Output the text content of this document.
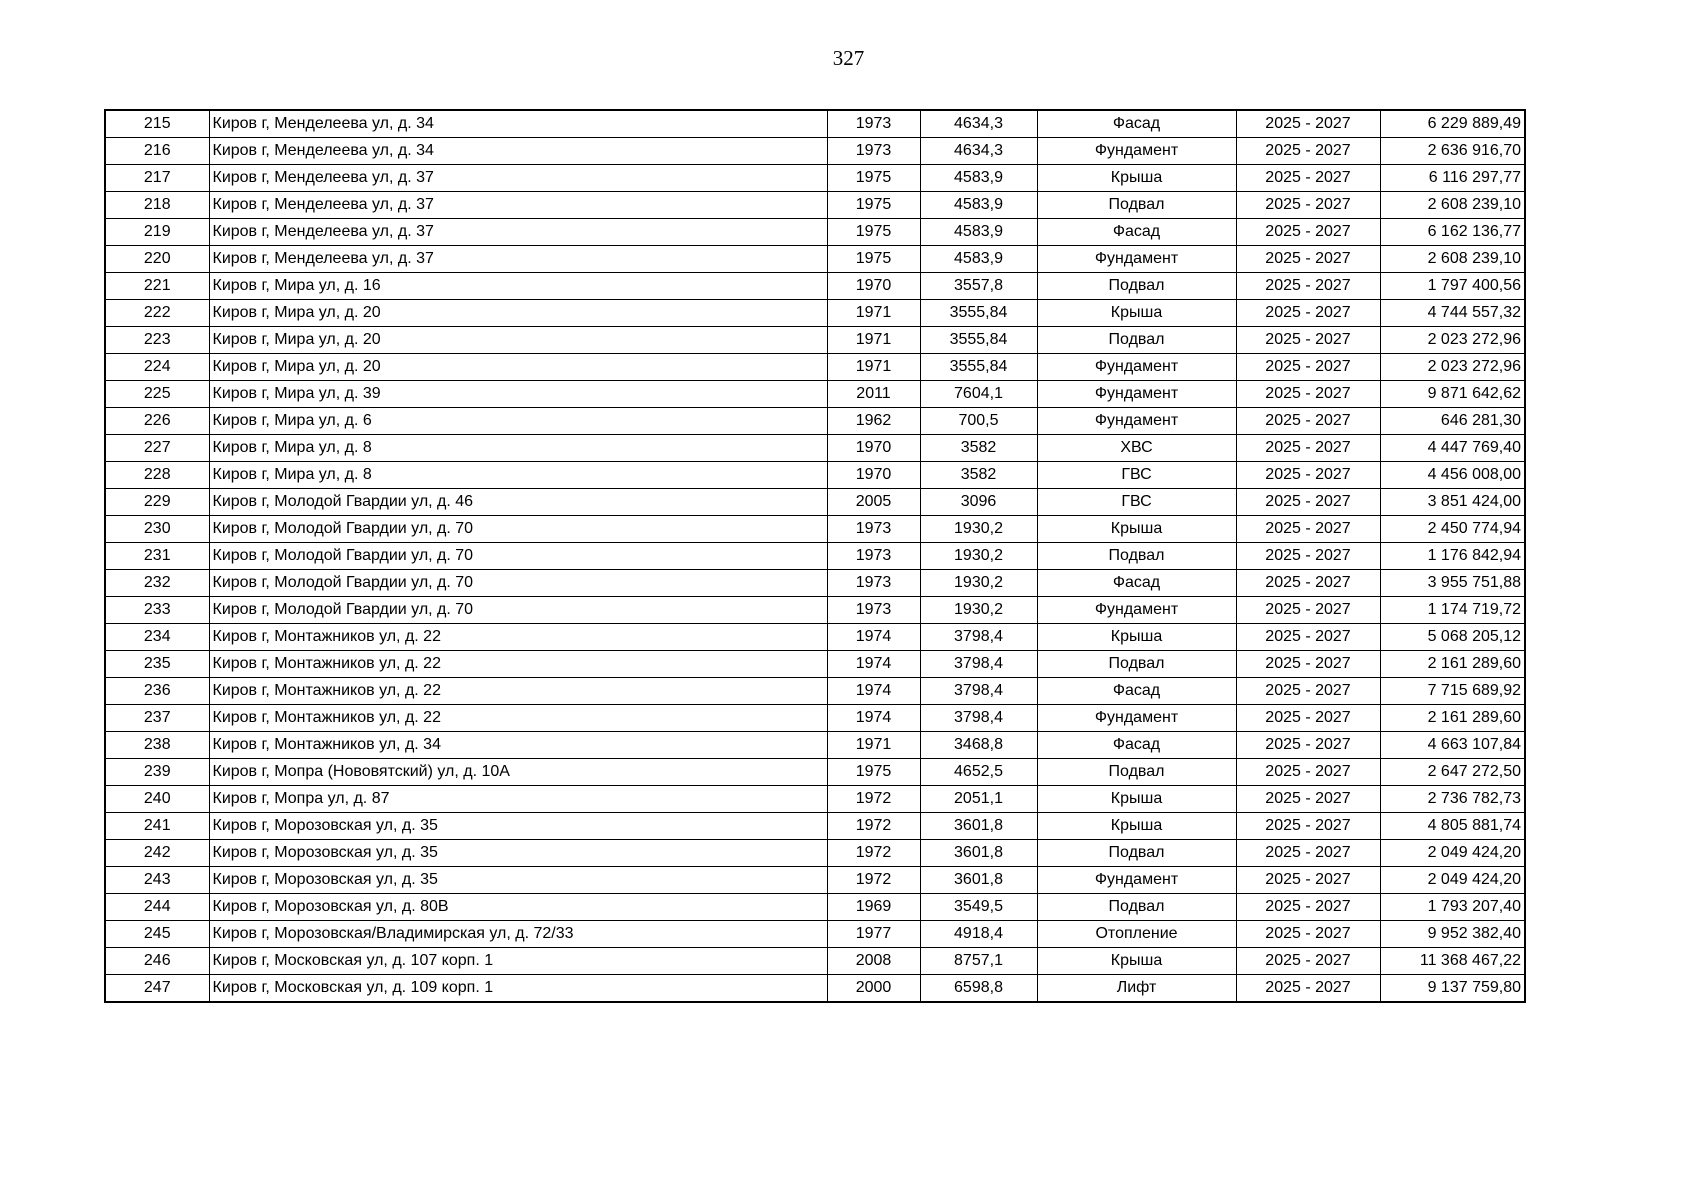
327
215	Киров г, Менделеева ул, д. 34	1973	4634,3	Фасад	2025 - 2027	6 229 889,49
216	Киров г, Менделеева ул, д. 34	1973	4634,3	Фундамент	2025 - 2027	2 636 916,70
217	Киров г, Менделеева ул, д. 37	1975	4583,9	Крыша	2025 - 2027	6 116 297,77
218	Киров г, Менделеева ул, д. 37	1975	4583,9	Подвал	2025 - 2027	2 608 239,10
219	Киров г, Менделеева ул, д. 37	1975	4583,9	Фасад	2025 - 2027	6 162 136,77
220	Киров г, Менделеева ул, д. 37	1975	4583,9	Фундамент	2025 - 2027	2 608 239,10
221	Киров г, Мира ул, д. 16	1970	3557,8	Подвал	2025 - 2027	1 797 400,56
222	Киров г, Мира ул, д. 20	1971	3555,84	Крыша	2025 - 2027	4 744 557,32
223	Киров г, Мира ул, д. 20	1971	3555,84	Подвал	2025 - 2027	2 023 272,96
224	Киров г, Мира ул, д. 20	1971	3555,84	Фундамент	2025 - 2027	2 023 272,96
225	Киров г, Мира ул, д. 39	2011	7604,1	Фундамент	2025 - 2027	9 871 642,62
226	Киров г, Мира ул, д. 6	1962	700,5	Фундамент	2025 - 2027	646 281,30
227	Киров г, Мира ул, д. 8	1970	3582	ХВС	2025 - 2027	4 447 769,40
228	Киров г, Мира ул, д. 8	1970	3582	ГВС	2025 - 2027	4 456 008,00
229	Киров г, Молодой Гвардии ул, д. 46	2005	3096	ГВС	2025 - 2027	3 851 424,00
230	Киров г, Молодой Гвардии ул, д. 70	1973	1930,2	Крыша	2025 - 2027	2 450 774,94
231	Киров г, Молодой Гвардии ул, д. 70	1973	1930,2	Подвал	2025 - 2027	1 176 842,94
232	Киров г, Молодой Гвардии ул, д. 70	1973	1930,2	Фасад	2025 - 2027	3 955 751,88
233	Киров г, Молодой Гвардии ул, д. 70	1973	1930,2	Фундамент	2025 - 2027	1 174 719,72
234	Киров г, Монтажников ул, д. 22	1974	3798,4	Крыша	2025 - 2027	5 068 205,12
235	Киров г, Монтажников ул, д. 22	1974	3798,4	Подвал	2025 - 2027	2 161 289,60
236	Киров г, Монтажников ул, д. 22	1974	3798,4	Фасад	2025 - 2027	7 715 689,92
237	Киров г, Монтажников ул, д. 22	1974	3798,4	Фундамент	2025 - 2027	2 161 289,60
238	Киров г, Монтажников ул, д. 34	1971	3468,8	Фасад	2025 - 2027	4 663 107,84
239	Киров г, Мопра (Нововятский) ул, д. 10А	1975	4652,5	Подвал	2025 - 2027	2 647 272,50
240	Киров г, Мопра ул, д. 87	1972	2051,1	Крыша	2025 - 2027	2 736 782,73
241	Киров г, Морозовская ул, д. 35	1972	3601,8	Крыша	2025 - 2027	4 805 881,74
242	Киров г, Морозовская ул, д. 35	1972	3601,8	Подвал	2025 - 2027	2 049 424,20
243	Киров г, Морозовская ул, д. 35	1972	3601,8	Фундамент	2025 - 2027	2 049 424,20
244	Киров г, Морозовская ул, д. 80В	1969	3549,5	Подвал	2025 - 2027	1 793 207,40
245	Киров г, Морозовская/Владимирская ул, д. 72/33	1977	4918,4	Отопление	2025 - 2027	9 952 382,40
246	Киров г, Московская ул, д. 107 корп. 1	2008	8757,1	Крыша	2025 - 2027	11 368 467,22
247	Киров г, Московская ул, д. 109 корп. 1	2000	6598,8	Лифт	2025 - 2027	9 137 759,80
